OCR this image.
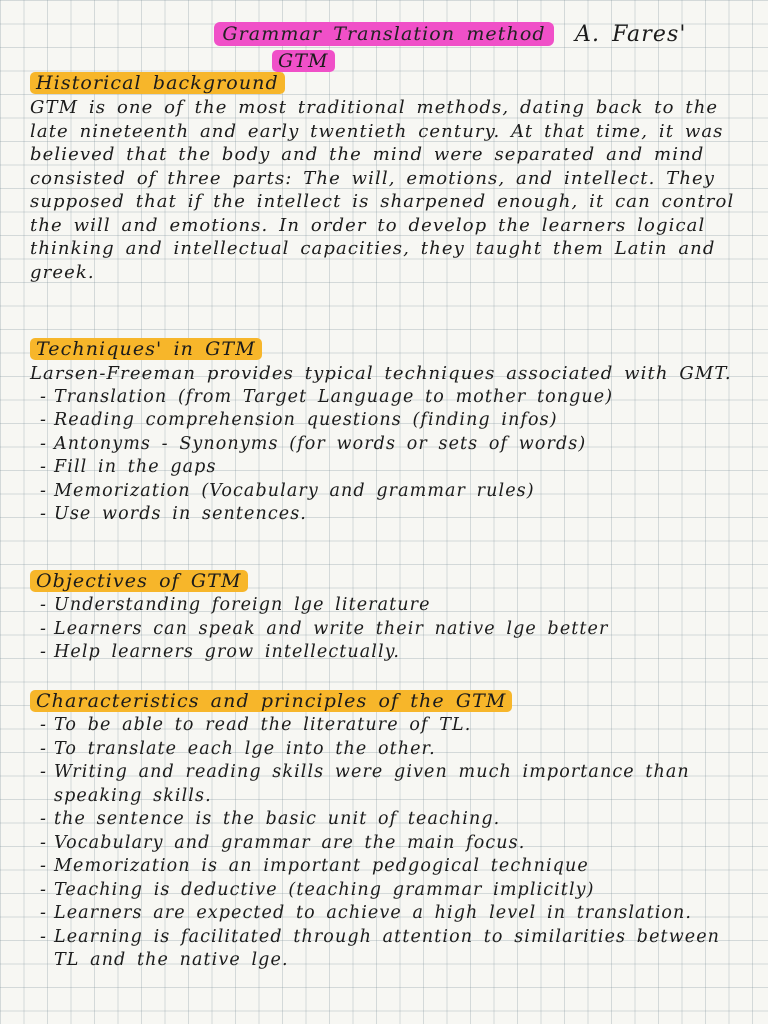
Grammar Translation method
GTM
A. Fares'
Historical background
GTM is one of the most traditional methods, dating back to the late nineteenth and early twentieth century. At that time, it was believed that the body and the mind were separated and mind consisted of three parts: The will, emotions, and intellect. They supposed that if the intellect is sharpened enough, it can control the will and emotions. In order to develop the learners logical thinking and intellectual capacities, they taught them Latin and greek.
Techniques' in GTM
Larsen-Freeman provides typical techniques associated with GMT.
- Translation (from Target Language to mother tongue)
- Reading comprehension questions (finding infos)
- Antonyms - Synonyms (for words or sets of words)
- Fill in the gaps
- Memorization (Vocabulary and grammar rules)
- Use words in sentences.
Objectives of GTM
- Understanding foreign lge literature
- Learners can speak and write their native lge better
- Help learners grow intellectually.
Characteristics and principles of the GTM
- To be able to read the literature of TL.
- To translate each lge into the other.
- Writing and reading skills were given much importance than speaking skills.
- the sentence is the basic unit of teaching.
- Vocabulary and grammar are the main focus.
- Memorization is an important pedgogical technique
- Teaching is deductive (teaching grammar implicitly)
- Learners are expected to achieve a high level in translation.
- Learning is facilitated through attention to similarities between TL and the native lge.
